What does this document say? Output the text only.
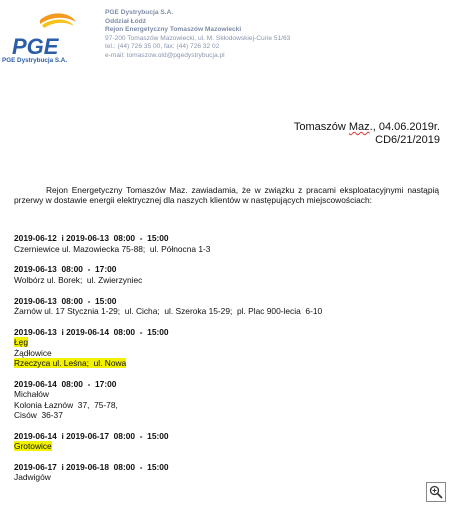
PGE
PGE Dystrybucja S.A.
PGE Dystrybucja S.A.
Oddział Łódź
Rejon Energetyczny Tomaszów Mazowiecki
97-200 Tomaszów Mazowiecki, ul. M. Skłodowskiej-Curie 51/63
tel.: (44) 726 35 00, fax: (44) 726 32 02
e-mail: tomaszow.old@pgedystrybucja.pl
Tomaszów Maz., 04.06.2019r.
CD6/21/2019
Rejon Energetyczny Tomaszów Maz. zawiadamia, że w związku z pracami eksploatacyjnymi nastąpią przerwy w dostawie energii elektrycznej dla naszych klientów w następujących miejscowościach:
2019-06-12  i 2019-06-13  08:00  -  15:00
Czerniewice ul. Mazowiecka 75-88;  ul. Północna 1-3
2019-06-13  08:00  -  17:00
Wolbórz ul. Borek;  ul. Zwierzyniec
2019-06-13  08:00  -  15:00
Żarnów ul. 17 Stycznia 1-29;  ul. Cicha;  ul. Szeroka 15-29;  pl. Plac 900-lecia  6-10
2019-06-13  i 2019-06-14  08:00  -  15:00
Łęg
Żądłowice
Rzeczyca ul. Leśna;  ul. Nowa
2019-06-14  08:00  -  17:00
Michałów
Kolonia Łaznów  37,  75-78,
Cisów  36-37
2019-06-14  i 2019-06-17  08:00  -  15:00
Grotowice
2019-06-17  i 2019-06-18  08:00  -  15:00
Jadwigów
